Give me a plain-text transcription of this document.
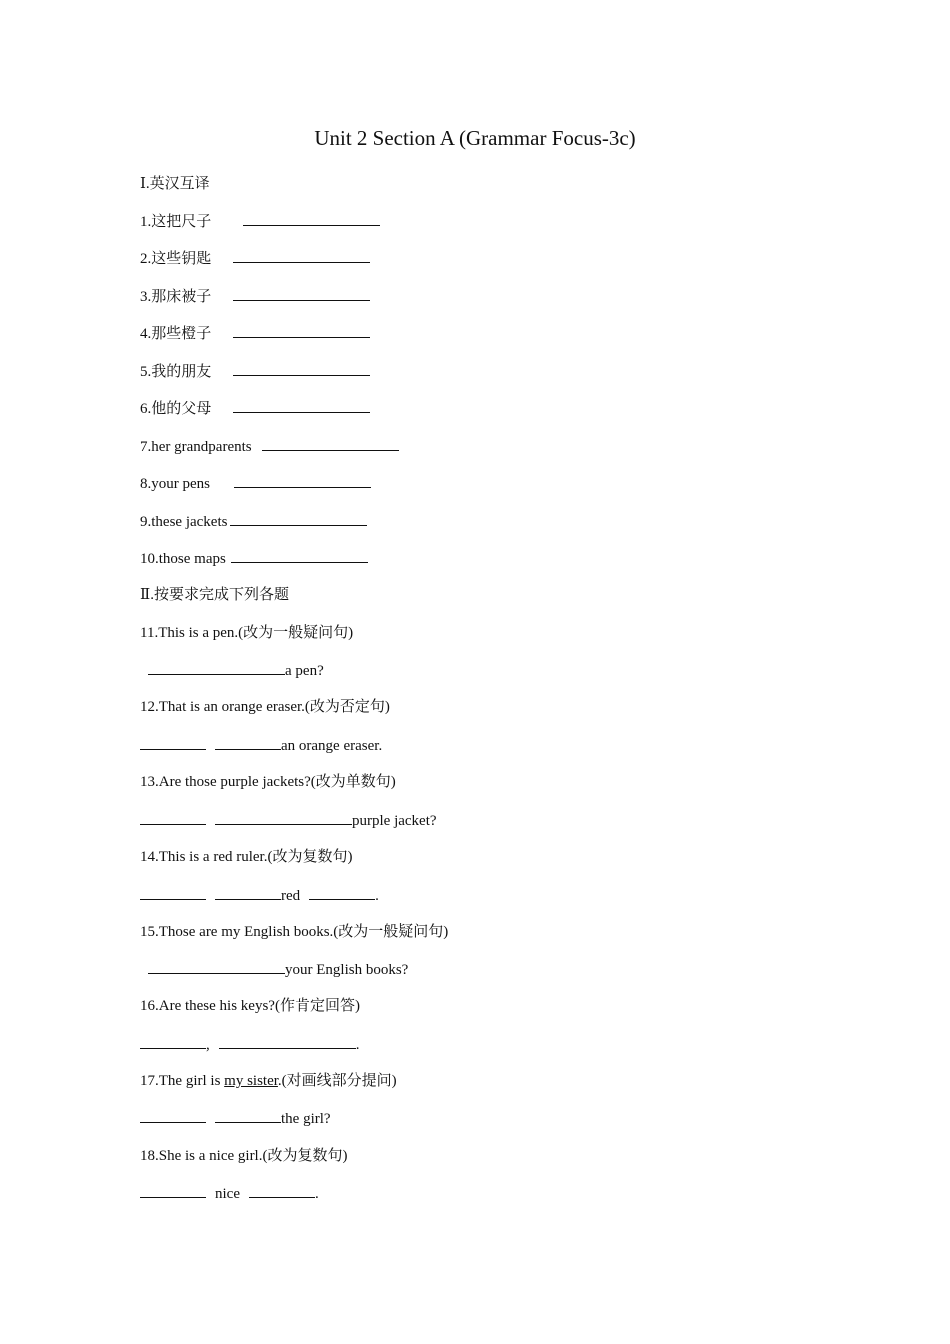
Unit 2 Section A (Grammar Focus-3c)
Ⅰ.英汉互译
1.这把尺子
2.这些钥匙
3.那床被子
4.那些橙子
5.我的朋友
6.他的父母
7.her grandparents
8.your pens
9.these jackets
10.those maps
Ⅱ.按要求完成下列各题
11.This is a pen.(改为一般疑问句)
a pen?
12.That is an orange eraser.(改为否定句)
an orange eraser.
13.Are those purple jackets?(改为单数句)
purple jacket?
14.This is a red ruler.(改为复数句)
red	.
15.Those are my English books.(改为一般疑问句)
your English books?
16.Are these his keys?(作肯定回答)
,	.
17.The girl is my sister.(对画线部分提问)
the girl?
18.She is a nice girl.(改为复数句)
nice	.
